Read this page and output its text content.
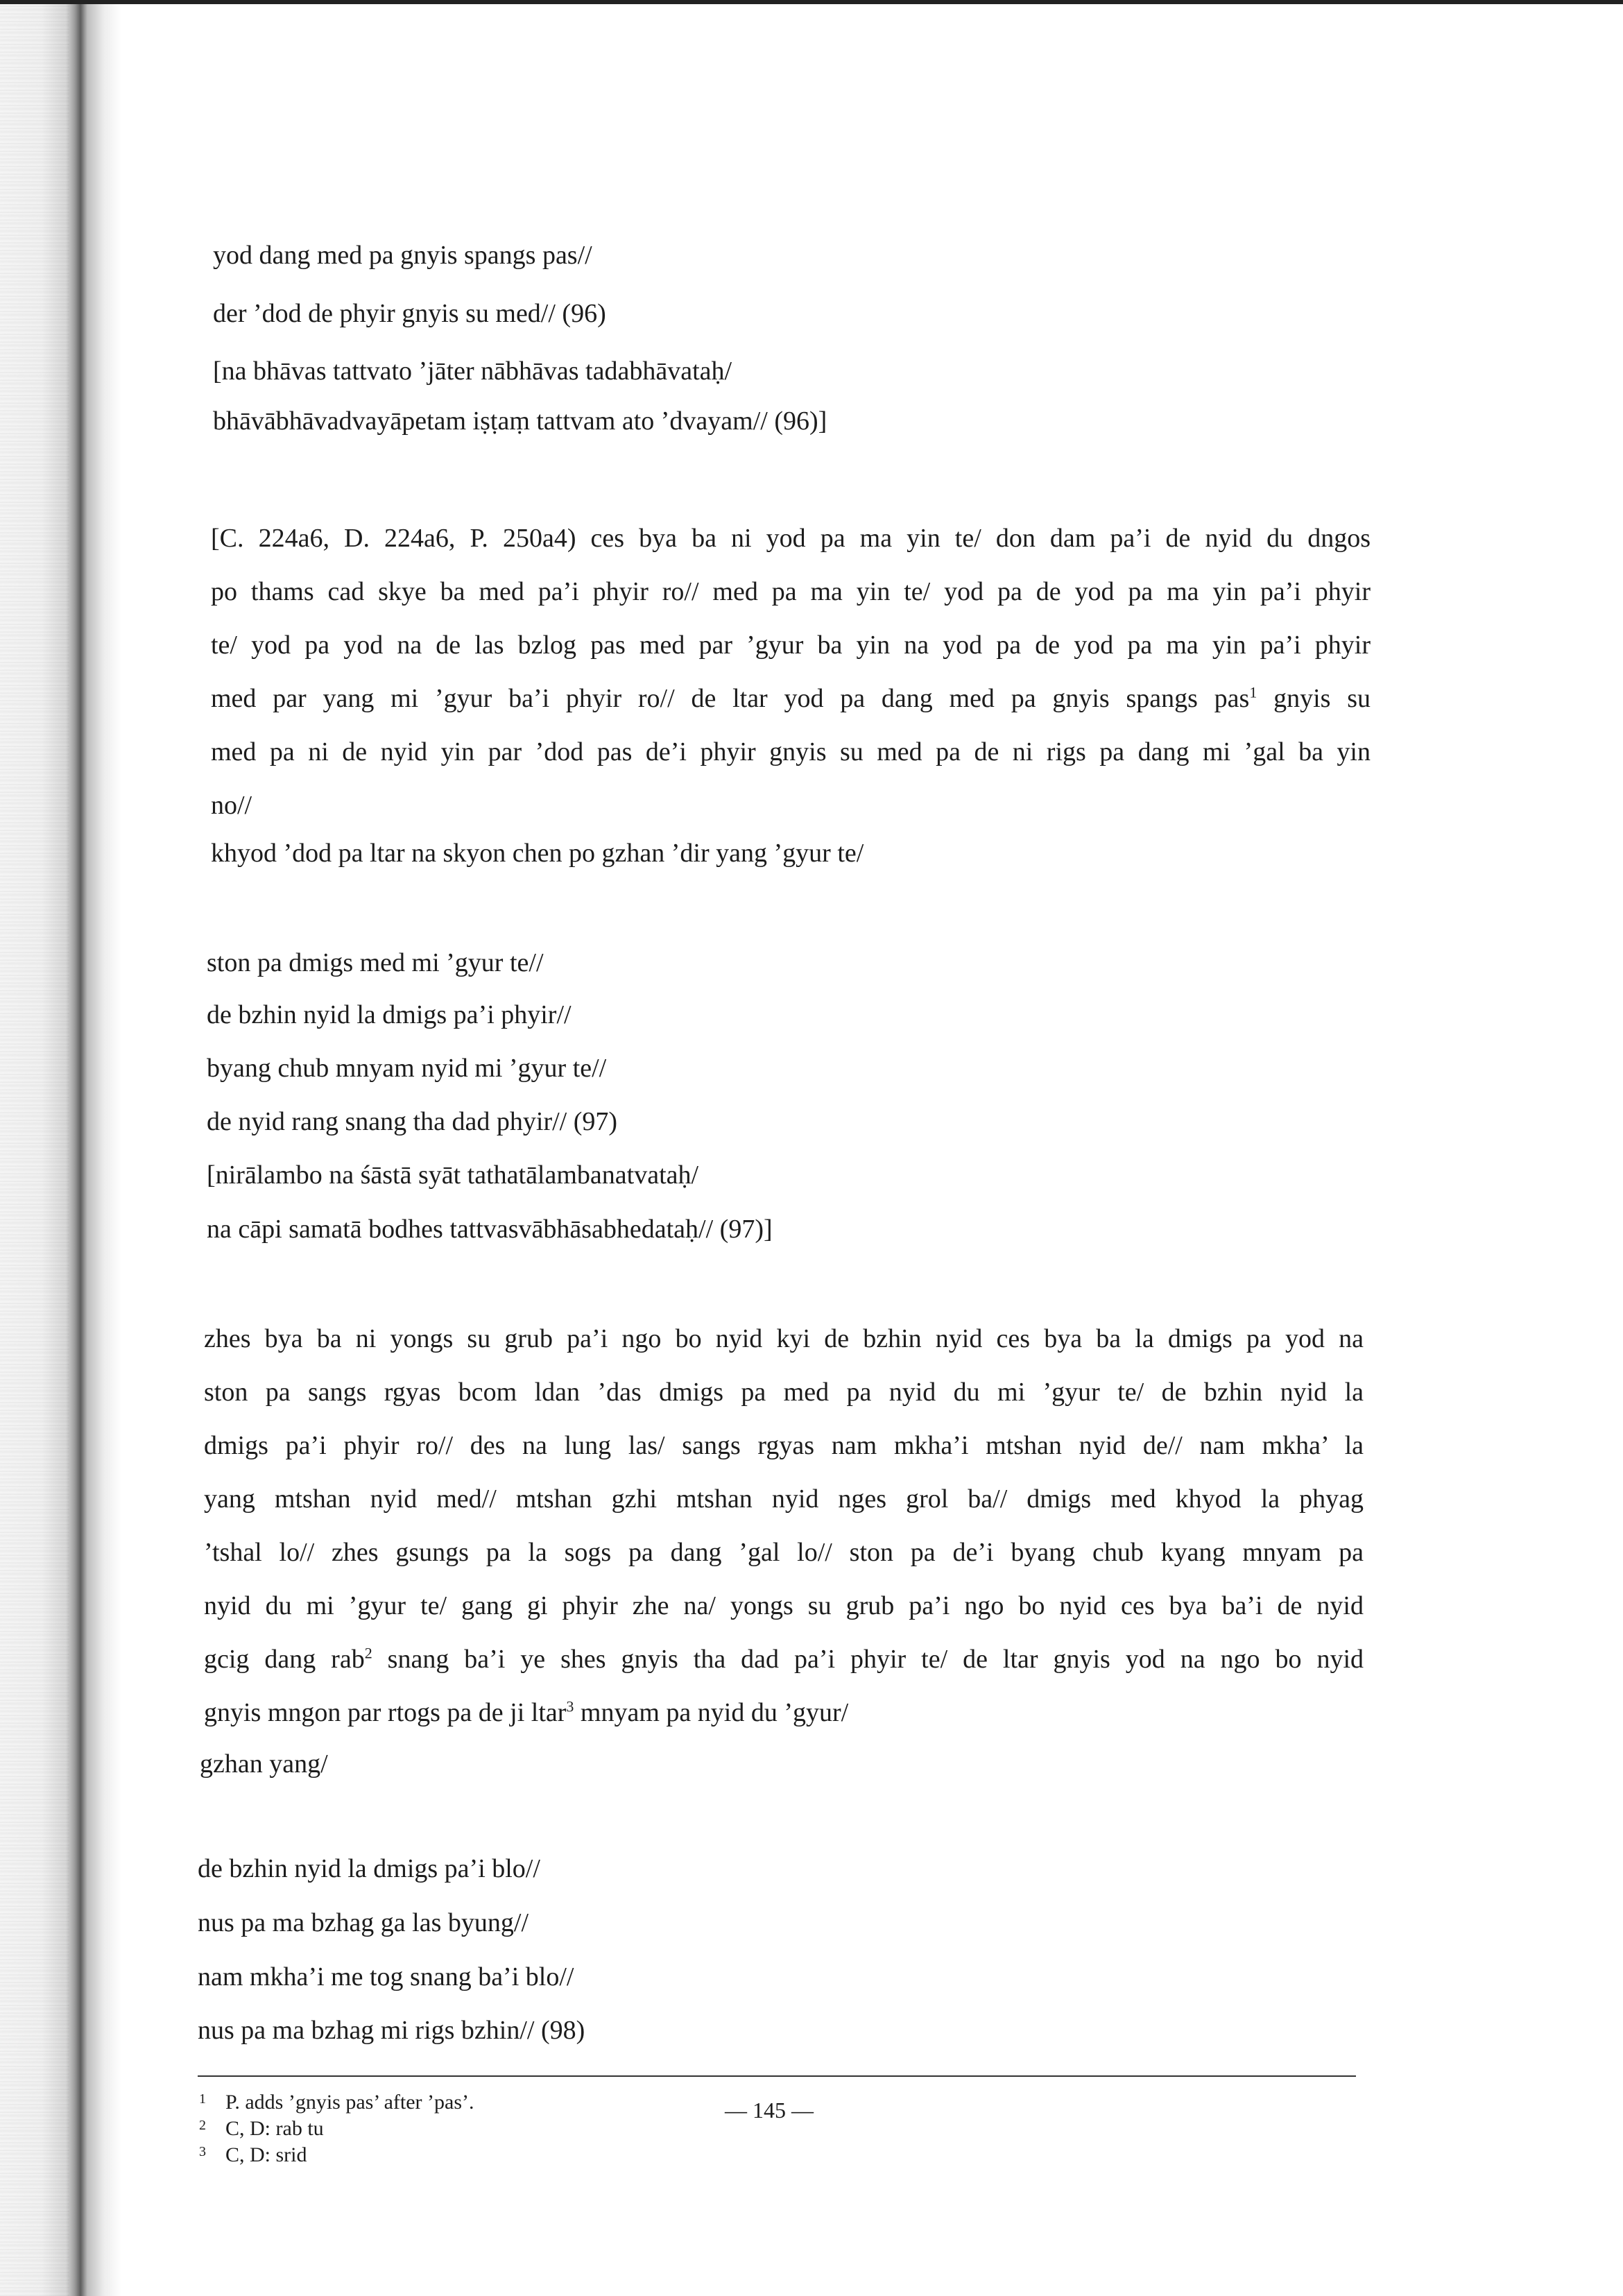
yod dang med pa gnyis spangs pas//
der ’dod de phyir gnyis su med// (96)
[na bhāvas tattvato ’jāter nābhāvas tadabhāvataḥ/
bhāvābhāvadvayāpetam iṣṭaṃ tattvam ato ’dvayam// (96)]
[C. 224a6, D. 224a6, P. 250a4) ces bya ba ni yod pa ma yin te/ don dam pa’i de nyid du dngos
po thams cad skye ba med pa’i phyir ro// med pa ma yin te/ yod pa de yod pa ma yin pa’i phyir
te/ yod pa yod na de las bzlog pas med par ’gyur ba yin na yod pa de yod pa ma yin pa’i phyir
med par yang mi ’gyur ba’i phyir ro// de ltar yod pa dang med pa gnyis spangs pas$^1$ gnyis su
med pa ni de nyid yin par ’dod pas de’i phyir gnyis su med pa de ni rigs pa dang mi ’gal ba yin
no//
khyod ’dod pa ltar na skyon chen po gzhan ’dir yang ’gyur te/
ston pa dmigs med mi ’gyur te//
de bzhin nyid la dmigs pa’i phyir//
byang chub mnyam nyid mi ’gyur te//
de nyid rang snang tha dad phyir// (97)
[nirālambo na śāstā syāt tathatālambanatvataḥ/
na cāpi samatā bodhes tattvasvābhāsabhedataḥ// (97)]
zhes bya ba ni yongs su grub pa’i ngo bo nyid kyi de bzhin nyid ces bya ba la dmigs pa yod na
ston pa sangs rgyas bcom ldan ’das dmigs pa med pa nyid du mi ’gyur te/ de bzhin nyid la
dmigs pa’i phyir ro// des na lung las/ sangs rgyas nam mkha’i mtshan nyid de// nam mkha’ la
yang mtshan nyid med// mtshan gzhi mtshan nyid nges grol ba// dmigs med khyod la phyag
’tshal lo// zhes gsungs pa la sogs pa dang ’gal lo// ston pa de’i byang chub kyang mnyam pa
nyid du mi ’gyur te/ gang gi phyir zhe na/ yongs su grub pa’i ngo bo nyid ces bya ba’i de nyid
gcig dang rab$^2$ snang ba’i ye shes gnyis tha dad pa’i phyir te/ de ltar gnyis yod na ngo bo nyid
gnyis mngon par rtogs pa de ji ltar$^3$ mnyam pa nyid du ’gyur/
gzhan yang/
de bzhin nyid la dmigs pa’i blo//
nus pa ma bzhag ga las byung//
nam mkha’i me tog snang ba’i blo//
nus pa ma bzhag mi rigs bzhin// (98)
1 P. adds ’gnyis pas’ after ’pas’.
2 C, D: rab tu
3 C, D: srid
— 145 —
